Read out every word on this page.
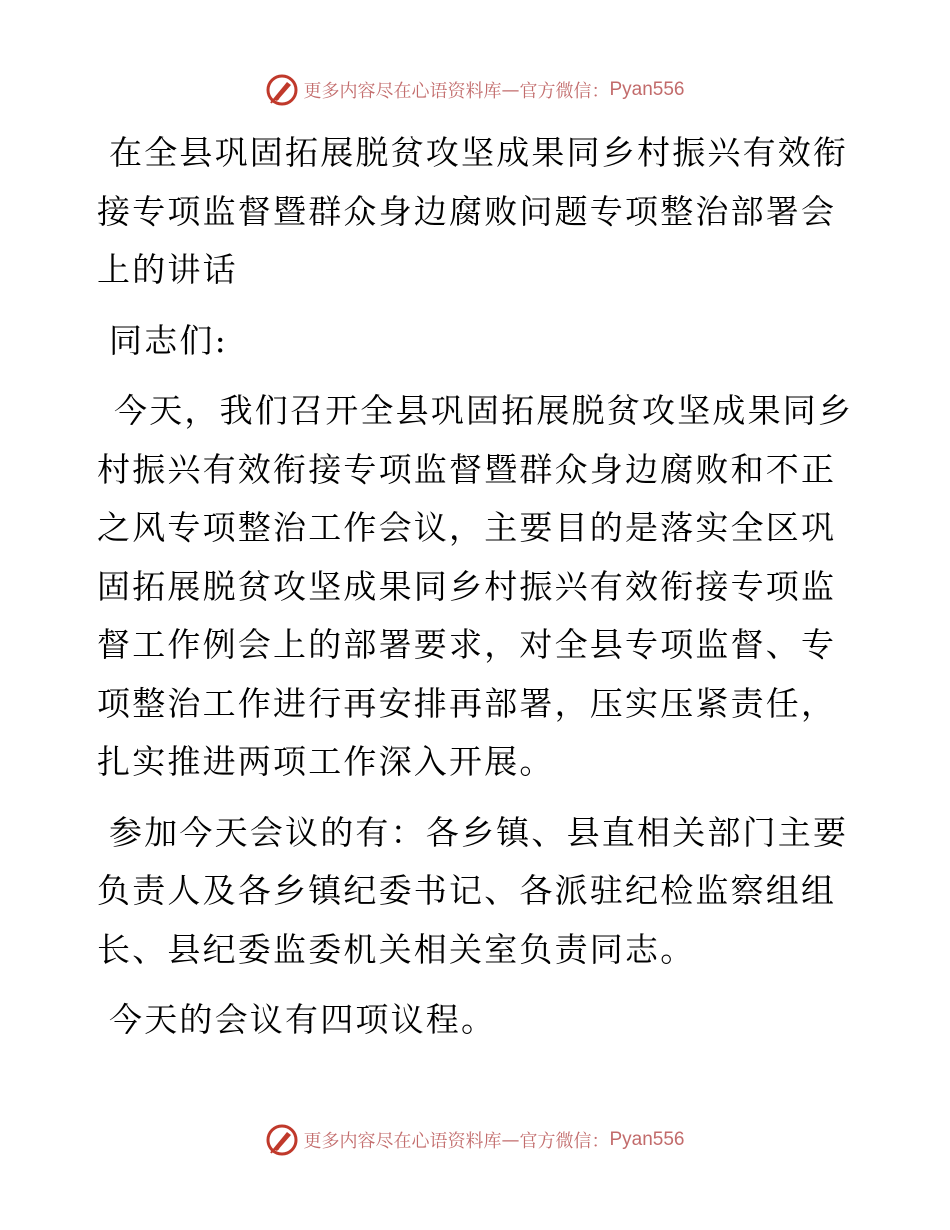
更多内容尽在心语资料库 — 官方微信： Pyan556

在全县巩固拓展脱贫攻坚成果同乡村振兴有效衔接专项监督暨群众身边腐败问题专项整治部署会上的讲话

同志们:

今天，我们召开全县巩固拓展脱贫攻坚成果同乡村振兴有效衔接专项监督暨群众身边腐败和不正之风专项整治工作会议，主要目的是落实全区巩固拓展脱贫攻坚成果同乡村振兴有效衔接专项监督工作例会上的部署要求，对全县专项监督、专项整治工作进行再安排再部署，压实压紧责任，扎实推进两项工作深入开展。

参加今天会议的有：各乡镇、县直相关部门主要负责人及各乡镇纪委书记、各派驻纪检监察组组长、县纪委监委机关相关室负责同志。

今天的会议有四项议程。

更多内容尽在心语资料库 — 官方微信： Pyan556
